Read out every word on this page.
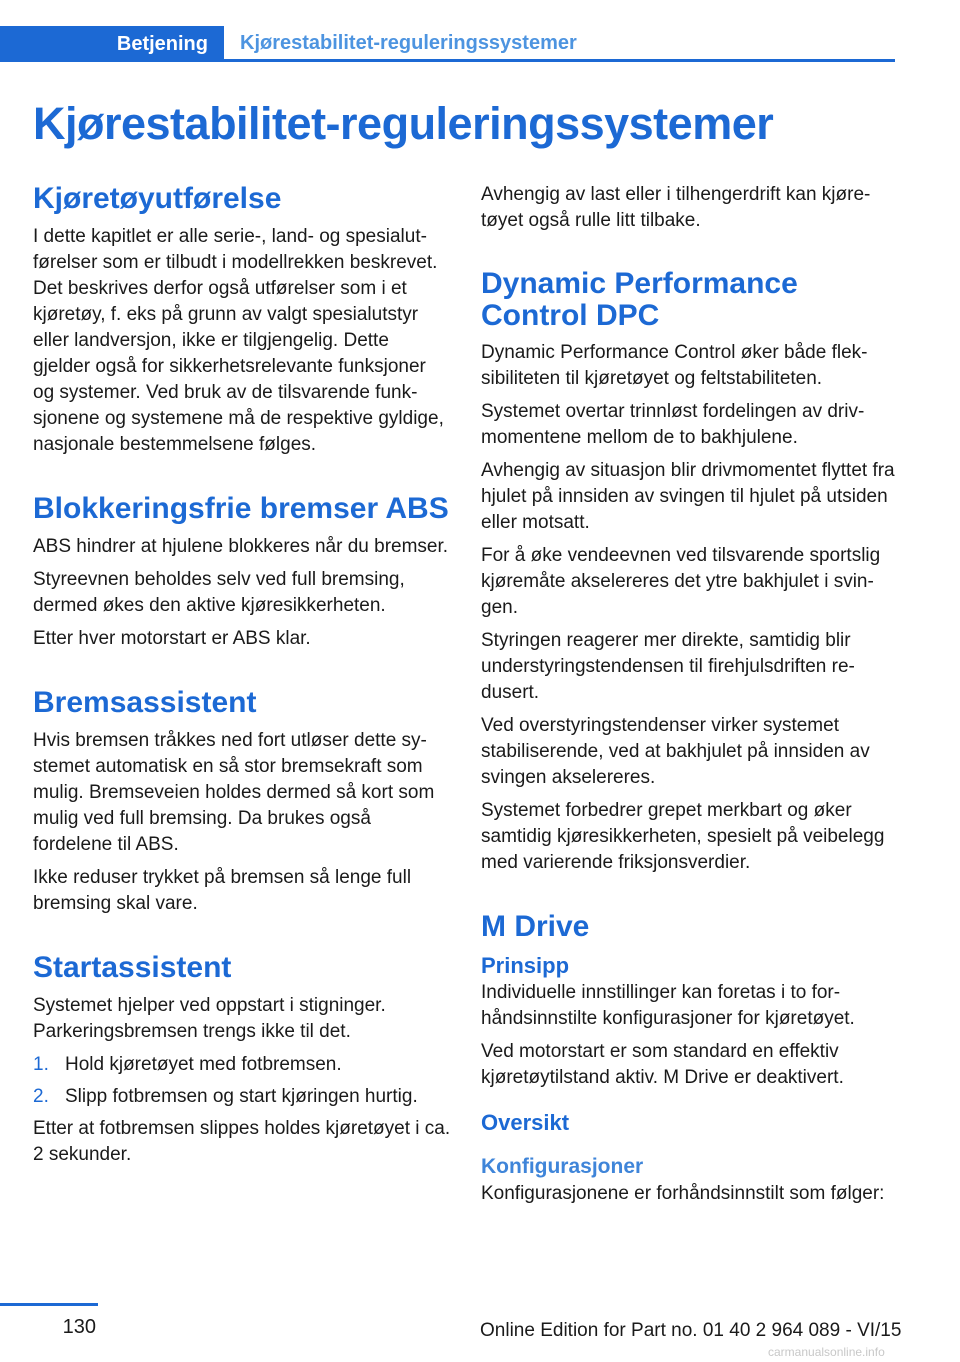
Betjening	Kjørestabilitet-reguleringssystemer
Kjørestabilitet-reguleringssystemer
Kjøretøyutførelse

I dette kapitlet er alle serie-, land- og spesialutførelser som er tilbudt i modellrekken beskrevet. Det beskrives derfor også utførelser som i et kjøretøy, f. eks på grunn av valgt spesialutstyr eller landversjon, ikke er tilgjengelig. Dette gjelder også for sikkerhetsrelevante funksjoner og systemer. Ved bruk av de tilsvarende funksjonene og systemene må de respektive gyldige, nasjonale bestemmelsene følges.

Blokkeringsfrie bremser ABS

ABS hindrer at hjulene blokkeres når du bremser.

Styreevnen beholdes selv ved full bremsing, dermed økes den aktive kjøresikkerheten.

Etter hver motorstart er ABS klar.

Bremsassistent

Hvis bremsen tråkkes ned fort utløser dette systemet automatisk en så stor bremsekraft som mulig. Bremseveien holdes dermed så kort som mulig ved full bremsing. Da brukes også fordelene til ABS.

Ikke reduser trykket på bremsen så lenge full bremsing skal vare.

Startassistent

Systemet hjelper ved oppstart i stigninger. Parkeringsbremsen trengs ikke til det.

1. Hold kjøretøyet med fotbremsen.
2. Slipp fotbremsen og start kjøringen hurtig.

Etter at fotbremsen slippes holdes kjøretøyet i ca. 2 sekunder.

Avhengig av last eller i tilhengerdrift kan kjøretøyet også rulle litt tilbake.

Dynamic Performance Control DPC

Dynamic Performance Control øker både fleksibiliteten til kjøretøyet og feltstabiliteten.

Systemet overtar trinnløst fordelingen av drivmomentene mellom de to bakhjulene.

Avhengig av situasjon blir drivmomentet flyttet fra hjulet på innsiden av svingen til hjulet på utsiden eller motsatt.

For å øke vendeevnen ved tilsvarende sportslig kjøremåte akselereres det ytre bakhjulet i svingen.

Styringen reagerer mer direkte, samtidig blir understyringstendensen til firehjulsdriften redusert.

Ved overstyringstendenser virker systemet stabiliserende, ved at bakhjulet på innsiden av svingen akselereres.

Systemet forbedrer grepet merkbart og øker samtidig kjøresikkerheten, spesielt på veibelegg med varierende friksjonsverdier.

M Drive
Prinsipp

Individuelle innstillinger kan foretas i to forhåndsinnstilte konfigurasjoner for kjøretøyet.

Ved motorstart er som standard en effektiv kjøretøytilstand aktiv. M Drive er deaktivert.

Oversikt
Konfigurasjoner

Konfigurasjonene er forhåndsinnstilt som følger:

130	Online Edition for Part no. 01 40 2 964 089 - VI/15
carmanualsonline.info
